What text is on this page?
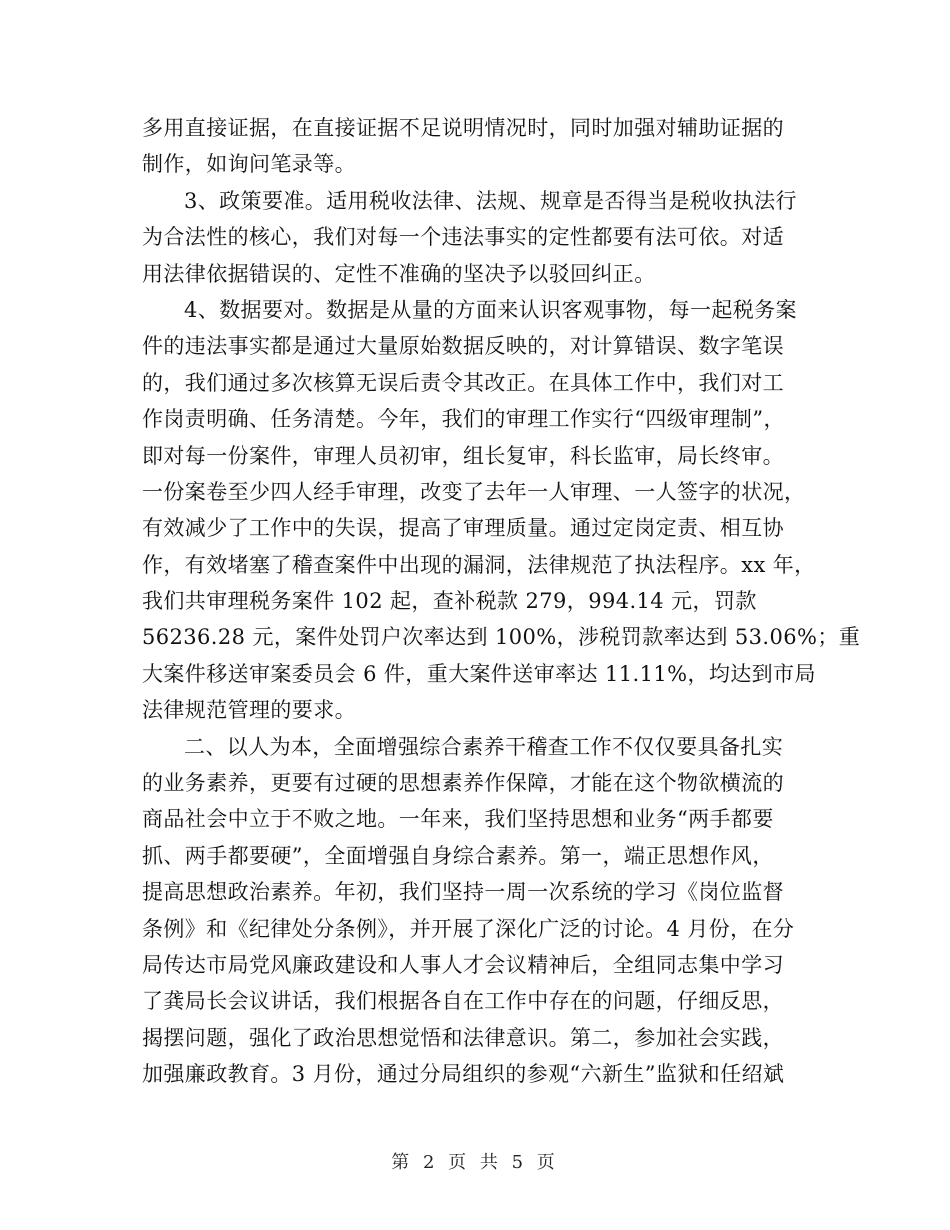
多用直接证据，在直接证据不足说明情况时，同时加强对辅助证据的
制作，如询问笔录等。
3、政策要准。适用税收法律、法规、规章是否得当是税收执法行
为合法性的核心，我们对每一个违法事实的定性都要有法可依。对适
用法律依据错误的、定性不准确的坚决予以驳回纠正。
4、数据要对。数据是从量的方面来认识客观事物，每一起税务案
件的违法事实都是通过大量原始数据反映的，对计算错误、数字笔误
的，我们通过多次核算无误后责令其改正。在具体工作中，我们对工
作岗责明确、任务清楚。今年，我们的审理工作实行“四级审理制”，
即对每一份案件，审理人员初审，组长复审，科长监审，局长终审。
一份案卷至少四人经手审理，改变了去年一人审理、一人签字的状况，
有效减少了工作中的失误，提高了审理质量。通过定岗定责、相互协
作，有效堵塞了稽查案件中出现的漏洞，法律规范了执法程序。xx 年，
我们共审理税务案件 102 起，查补税款 279，994.14 元，罚款
56236.28 元，案件处罚户次率达到 100%，涉税罚款率达到 53.06%；重
大案件移送审案委员会 6 件，重大案件送审率达 11.11%，均达到市局
法律规范管理的要求。
二、以人为本，全面增强综合素养干稽查工作不仅仅要具备扎实
的业务素养，更要有过硬的思想素养作保障，才能在这个物欲横流的
商品社会中立于不败之地。一年来，我们坚持思想和业务“两手都要
抓、两手都要硬”，全面增强自身综合素养。第一，端正思想作风，
提高思想政治素养。年初，我们坚持一周一次系统的学习《岗位监督
条例》和《纪律处分条例》，并开展了深化广泛的讨论。4 月份，在分
局传达市局党风廉政建设和人事人才会议精神后，全组同志集中学习
了龚局长会议讲话，我们根据各自在工作中存在的问题，仔细反思，
揭摆问题，强化了政治思想觉悟和法律意识。第二，参加社会实践，
加强廉政教育。3 月份，通过分局组织的参观“六新生”监狱和任绍斌
第 2 页 共 5 页
